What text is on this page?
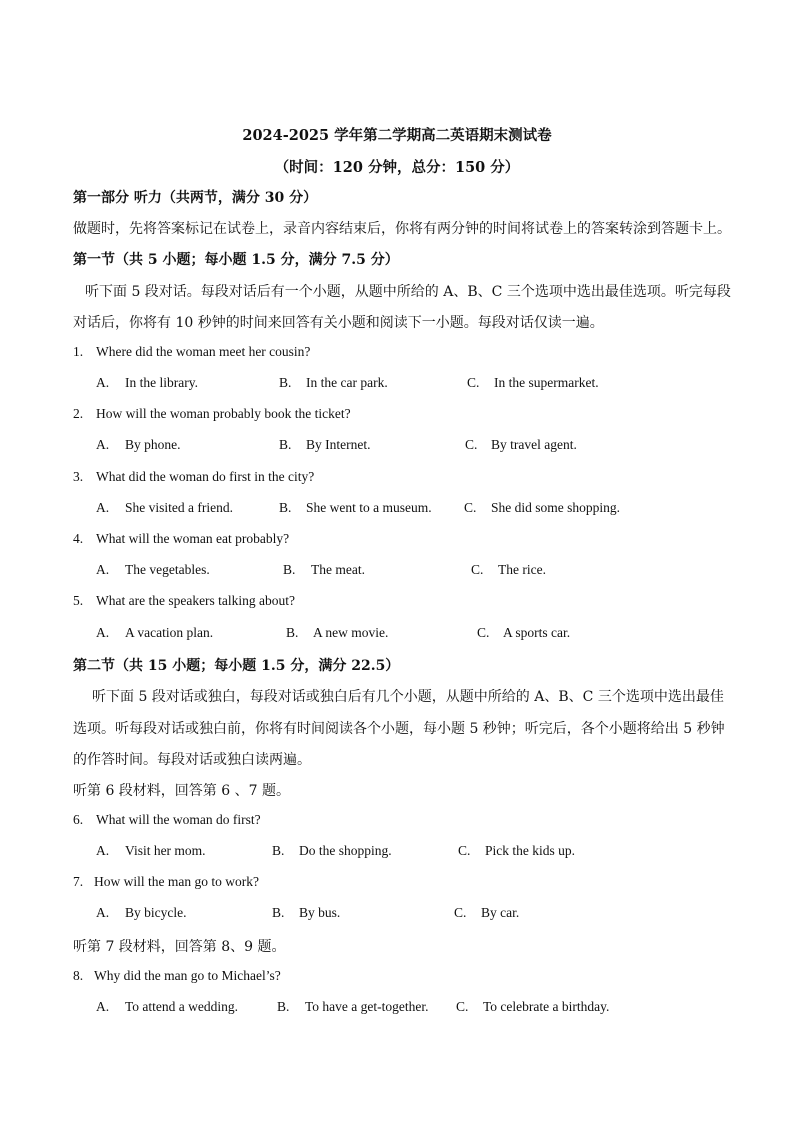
2024-2025 学年第二学期高二英语期末测试卷
（时间：120 分钟，总分：150 分）
第一部分 听力（共两节，满分 30 分）
做题时，先将答案标记在试卷上，录音内容结束后，你将有两分钟的时间将试卷上的答案转涂到答题卡上。
第一节（共 5 小题；每小题 1.5 分，满分 7.5 分）
听下面 5 段对话。每段对话后有一个小题，从题中所给的 A、B、C 三个选项中选出最佳选项。听完每段
对话后，你将有 10 秒钟的时间来回答有关小题和阅读下一小题。每段对话仅读一遍。
1. Where did the woman meet her cousin?
A. In the library.	B. In the car park.	C. In the supermarket.
2. How will the woman probably book the ticket?
A. By phone.	B. By Internet.	C. By travel agent.
3. What did the woman do first in the city?
A. She visited a friend.	B. She went to a museum. C. She did some shopping.
4. What will the woman eat probably?
A. The vegetables.	B. The meat.	C. The rice.
5. What are the speakers talking about?
A. A vacation plan.	B. A new movie.	C. A sports car.
第二节（共 15 小题；每小题 1.5 分，满分 22.5）
听下面 5 段对话或独白，每段对话或独白后有几个小题，从题中所给的 A、B、C 三个选项中选出最佳
选项。听每段对话或独白前，你将有时间阅读各个小题，每小题 5 秒钟；听完后，各个小题将给出 5 秒钟
的作答时间。每段对话或独白读两遍。
听第 6 段材料，回答第 6 、7 题。
6. What will the woman do first?
A. Visit her mom.	B. Do the shopping.	C. Pick the kids up.
7. How will the man go to work?
A. By bicycle.	B. By bus.	C. By car.
听第 7 段材料，回答第 8、9 题。
8. Why did the man go to Michael’s?
A. To attend a wedding.	B. To have a get-together. C. To celebrate a birthday.
